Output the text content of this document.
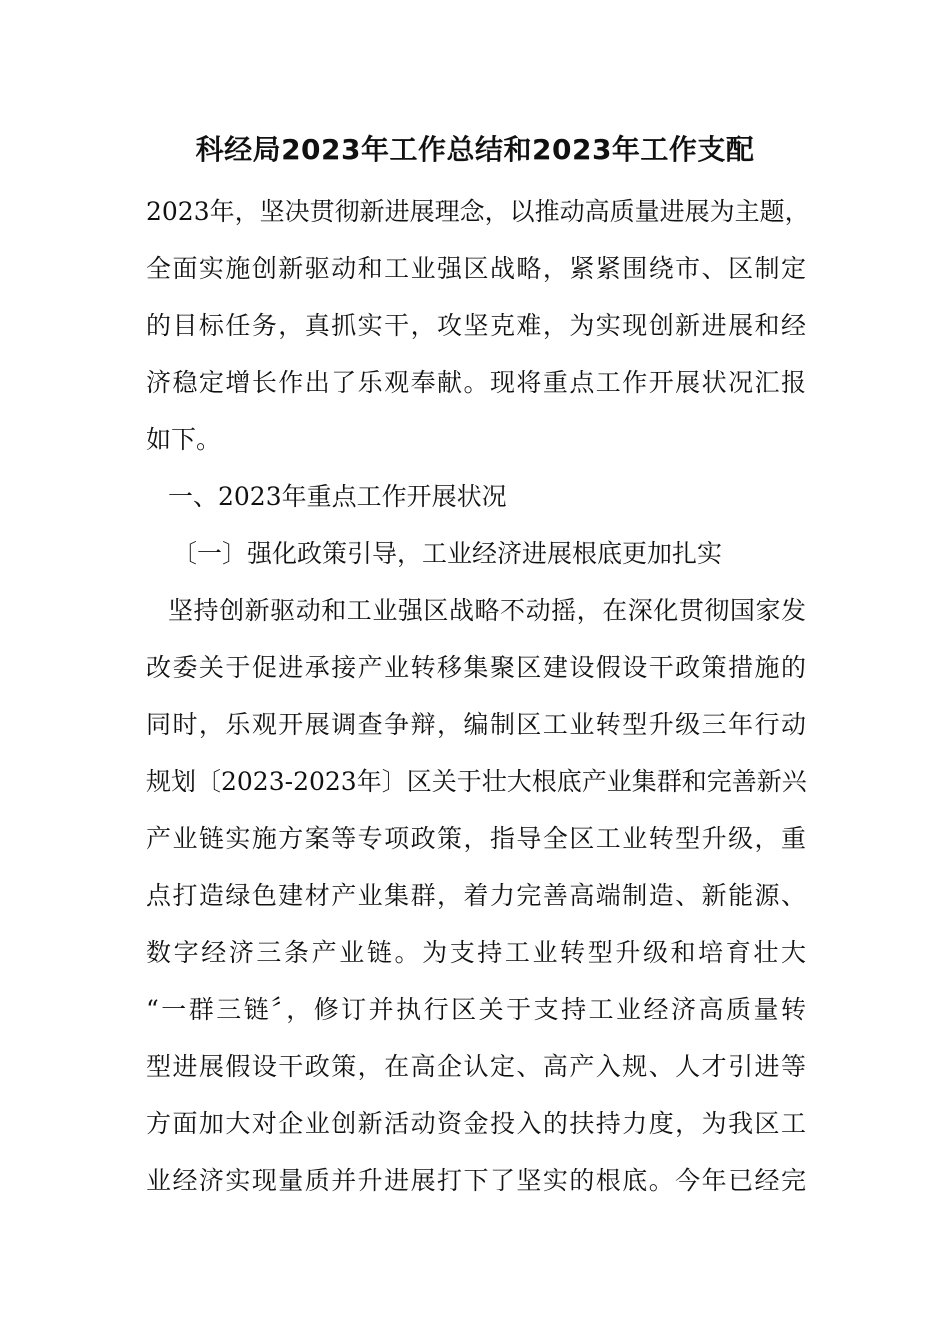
科经局2023年工作总结和2023年工作支配
2023年，坚决贯彻新进展理念，以推动高质量进展为主题，
全面实施创新驱动和工业强区战略，紧紧围绕市、区制定
的目标任务，真抓实干，攻坚克难，为实现创新进展和经
济稳定增长作出了乐观奉献。现将重点工作开展状况汇报
如下。
一、2023年重点工作开展状况
〔一〕强化政策引导，工业经济进展根底更加扎实
坚持创新驱动和工业强区战略不动摇，在深化贯彻国家发
改委关于促进承接产业转移集聚区建设假设干政策措施的
同时，乐观开展调查争辩，编制区工业转型升级三年行动
规划〔2023-2023年〕区关于壮大根底产业集群和完善新兴
产业链实施方案等专项政策，指导全区工业转型升级，重
点打造绿色建材产业集群，着力完善高端制造、新能源、
数字经济三条产业链。为支持工业转型升级和培育壮大
“一群三链〞，修订并执行区关于支持工业经济高质量转
型进展假设干政策，在高企认定、高产入规、人才引进等
方面加大对企业创新活动资金投入的扶持力度，为我区工
业经济实现量质并升进展打下了坚实的根底。今年已经完
